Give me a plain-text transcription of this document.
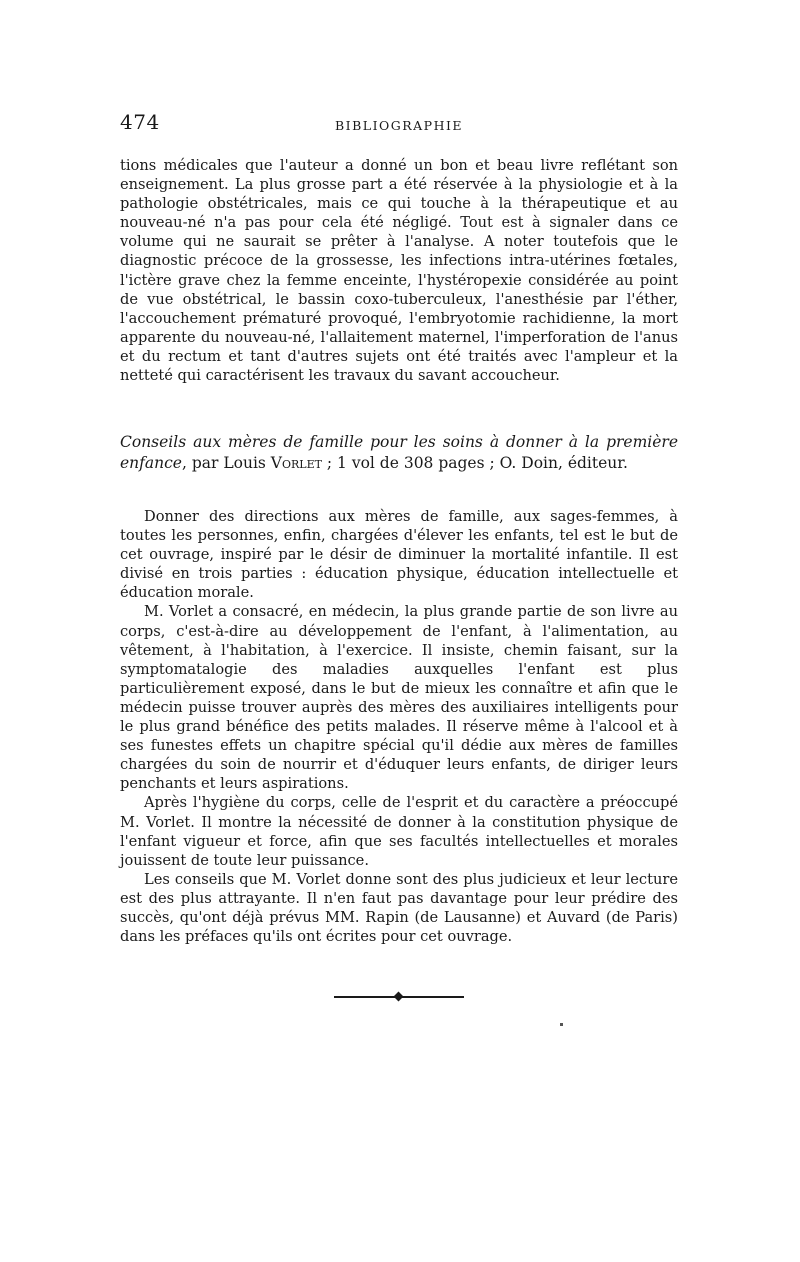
474	BIBLIOGRAPHIE

tions médicales que l'auteur a donné un bon et beau livre reflétant son enseignement. La plus grosse part a été réservée à la physiologie et à la pathologie obstétricales, mais ce qui touche à la thérapeutique et au nouveau-né n'a pas pour cela été négligé. Tout est à signaler dans ce volume qui ne saurait se prêter à l'analyse. A noter toutefois que le diagnostic précoce de la grossesse, les infections intra-utérines fœtales, l'ictère grave chez la femme enceinte, l'hystéropexie considérée au point de vue obstétrical, le bassin coxo-tuberculeux, l'anesthésie par l'éther, l'accouchement prématuré provoqué, l'embryotomie rachidienne, la mort apparente du nouveau-né, l'allaitement maternel, l'imperforation de l'anus et du rectum et tant d'autres sujets ont été traités avec l'ampleur et la netteté qui caractérisent les travaux du savant accoucheur.

Conseils aux mères de famille pour les soins à donner à la première enfance, par Louis Vorlet ; 1 vol de 308 pages ; O. Doin, éditeur.

Donner des directions aux mères de famille, aux sages-femmes, à toutes les personnes, enfin, chargées d'élever les enfants, tel est le but de cet ouvrage, inspiré par le désir de diminuer la mortalité infantile. Il est divisé en trois parties : éducation physique, éducation intellectuelle et éducation morale.

M. Vorlet a consacré, en médecin, la plus grande partie de son livre au corps, c'est-à-dire au développement de l'enfant, à l'alimentation, au vêtement, à l'habitation, à l'exercice. Il insiste, chemin faisant, sur la symptomatalogie des maladies auxquelles l'enfant est plus particulièrement exposé, dans le but de mieux les connaître et afin que le médecin puisse trouver auprès des mères des auxiliaires intelligents pour le plus grand bénéfice des petits malades. Il réserve même à l'alcool et à ses funestes effets un chapitre spécial qu'il dédie aux mères de familles chargées du soin de nourrir et d'éduquer leurs enfants, de diriger leurs penchants et leurs aspirations.

Après l'hygiène du corps, celle de l'esprit et du caractère a préoccupé M. Vorlet. Il montre la nécessité de donner à la constitution physique de l'enfant vigueur et force, afin que ses facultés intellectuelles et morales jouissent de toute leur puissance.

Les conseils que M. Vorlet donne sont des plus judicieux et leur lecture est des plus attrayante. Il n'en faut pas davantage pour leur prédire des succès, qu'ont déjà prévus MM. Rapin (de Lausanne) et Auvard (de Paris) dans les préfaces qu'ils ont écrites pour cet ouvrage.
